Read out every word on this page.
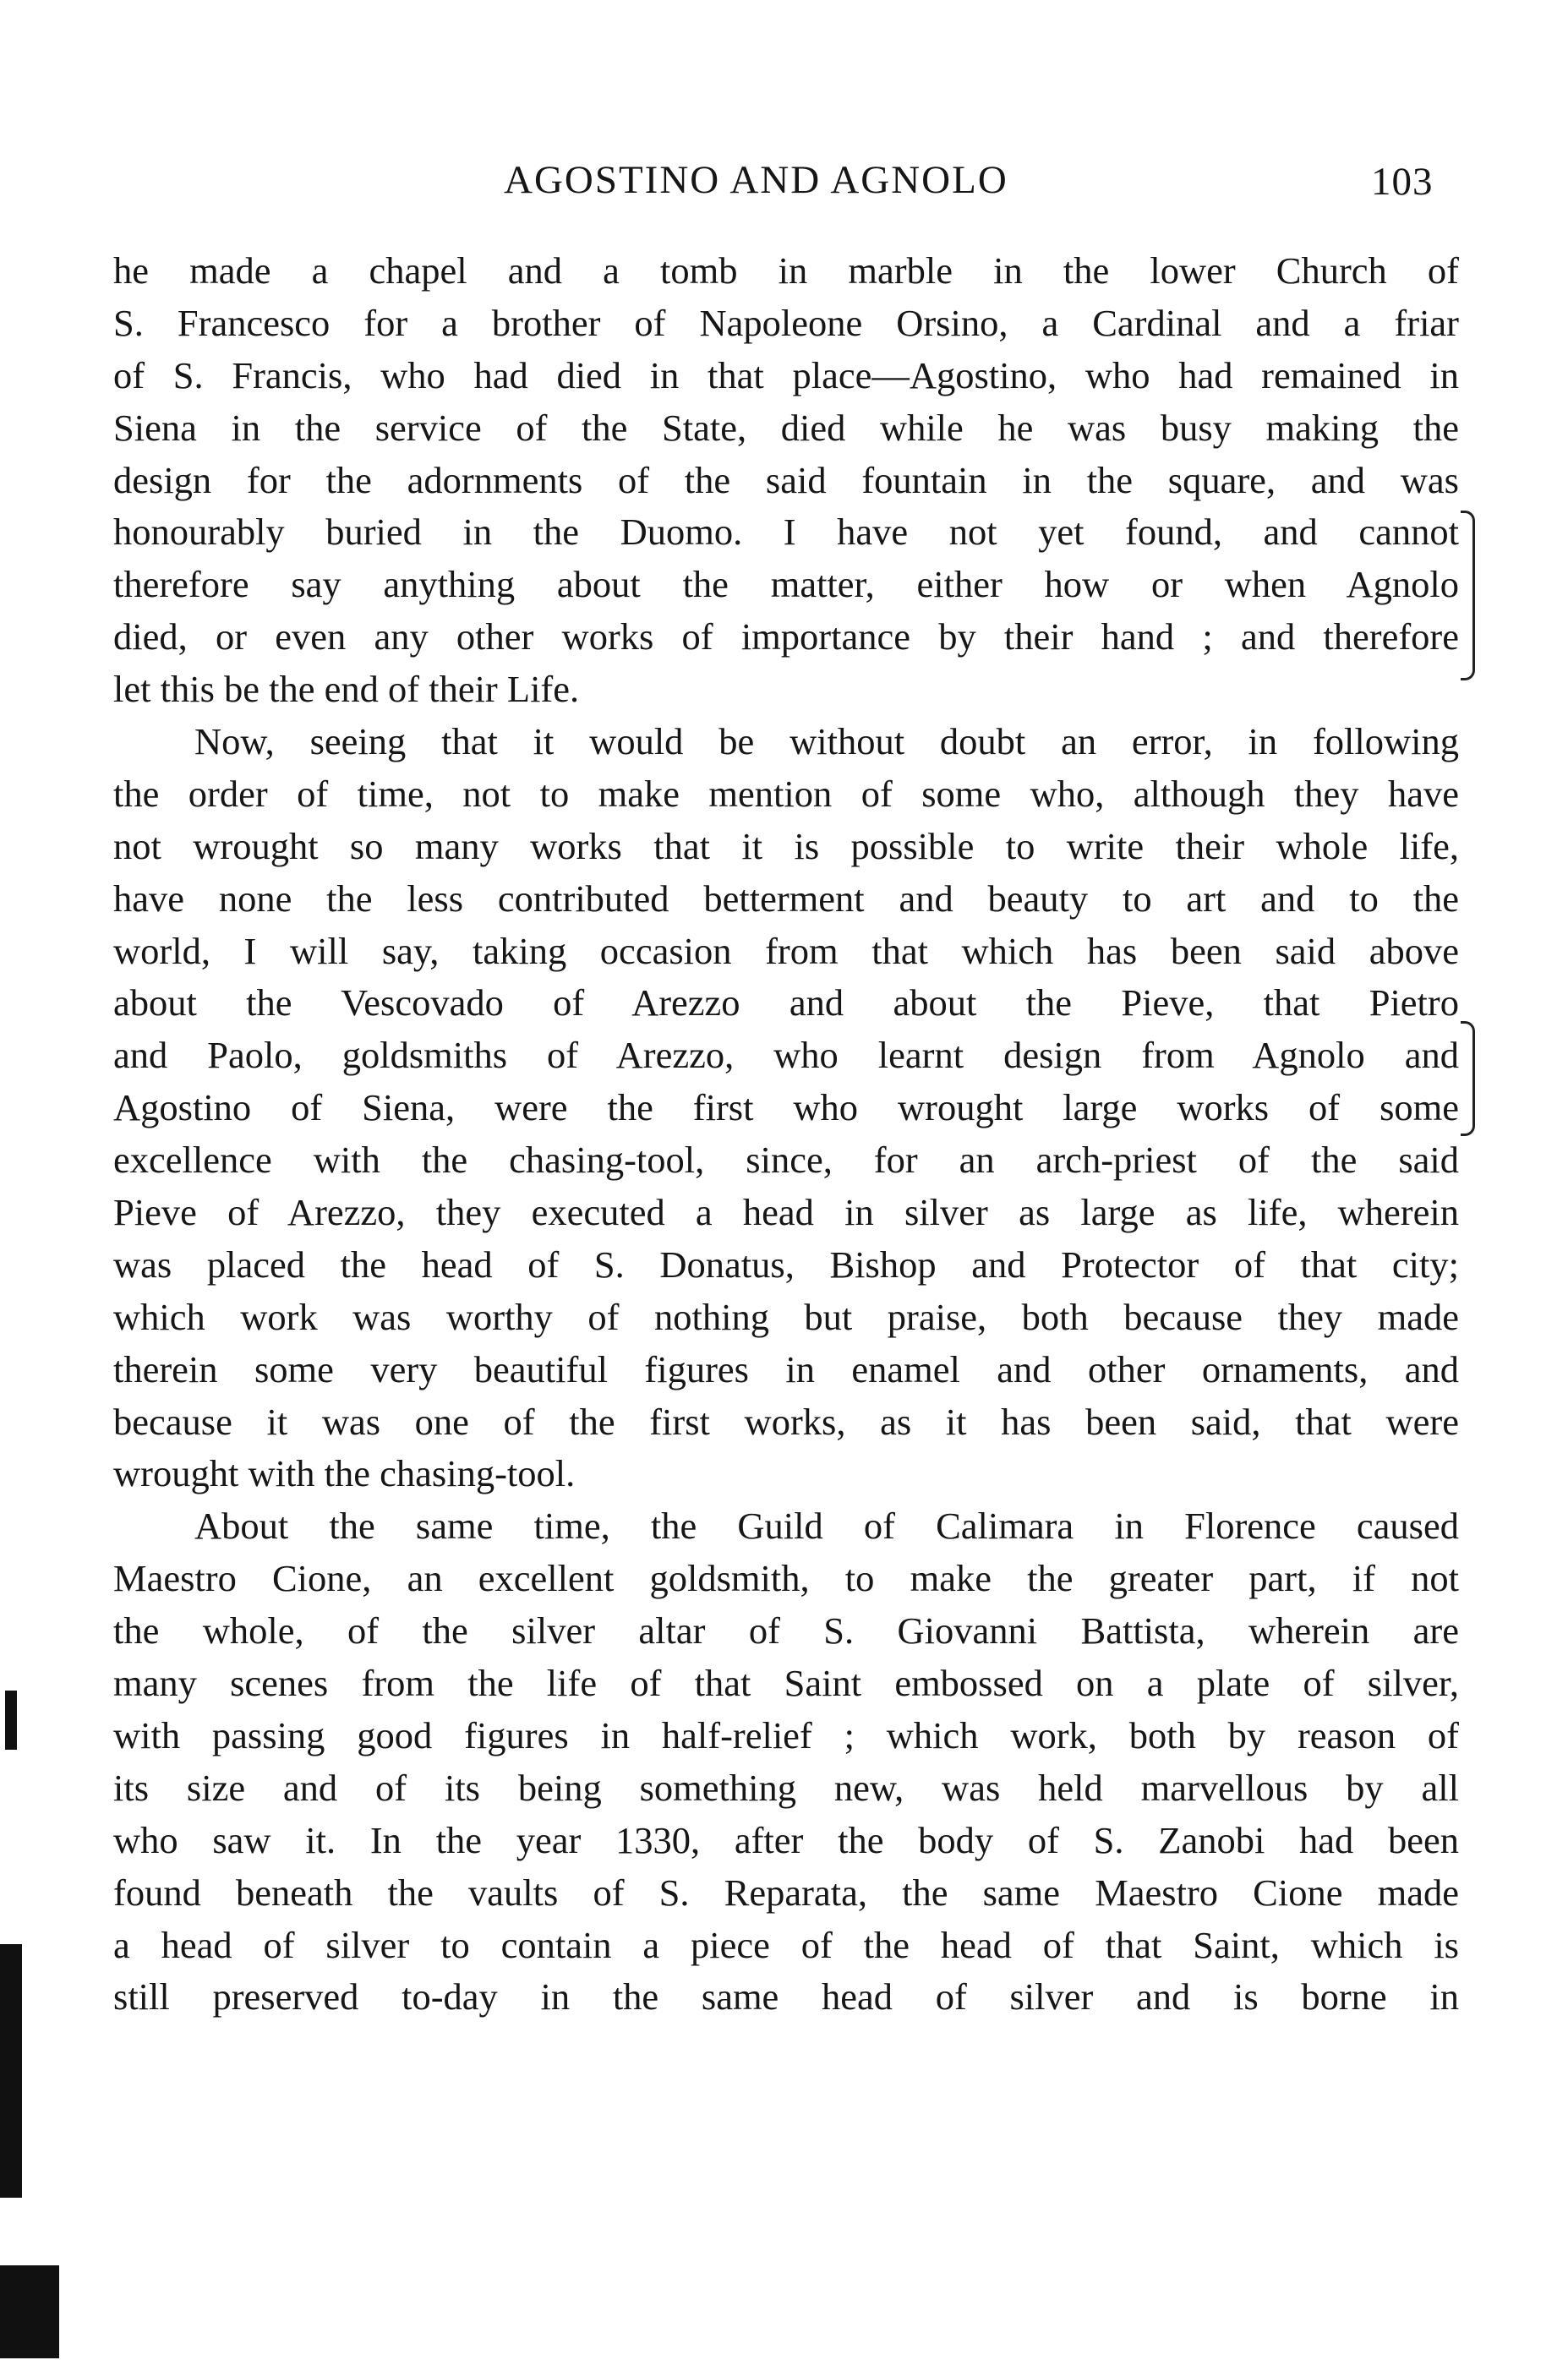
AGOSTINO AND AGNOLO	103
he made a chapel and a tomb in marble in the lower Church of
S. Francesco for a brother of Napoleone Orsino, a Cardinal and a friar
of S. Francis, who had died in that place—Agostino, who had remained in
Siena in the service of the State, died while he was busy making the
design for the adornments of the said fountain in the square, and was
honourably buried in the Duomo. I have not yet found, and cannot
therefore say anything about the matter, either how or when Agnolo
died, or even any other works of importance by their hand ; and therefore
let this be the end of their Life.
Now, seeing that it would be without doubt an error, in following
the order of time, not to make mention of some who, although they have
not wrought so many works that it is possible to write their whole life,
have none the less contributed betterment and beauty to art and to the
world, I will say, taking occasion from that which has been said above
about the Vescovado of Arezzo and about the Pieve, that Pietro
and Paolo, goldsmiths of Arezzo, who learnt design from Agnolo and
Agostino of Siena, were the first who wrought large works of some
excellence with the chasing-tool, since, for an arch-priest of the said
Pieve of Arezzo, they executed a head in silver as large as life, wherein
was placed the head of S. Donatus, Bishop and Protector of that city;
which work was worthy of nothing but praise, both because they made
therein some very beautiful figures in enamel and other ornaments, and
because it was one of the first works, as it has been said, that were
wrought with the chasing-tool.
About the same time, the Guild of Calimara in Florence caused
Maestro Cione, an excellent goldsmith, to make the greater part, if not
the whole, of the silver altar of S. Giovanni Battista, wherein are
many scenes from the life of that Saint embossed on a plate of silver,
with passing good figures in half-relief ; which work, both by reason of
its size and of its being something new, was held marvellous by all
who saw it. In the year 1330, after the body of S. Zanobi had been
found beneath the vaults of S. Reparata, the same Maestro Cione made
a head of silver to contain a piece of the head of that Saint, which is
still preserved to-day in the same head of silver and is borne in
